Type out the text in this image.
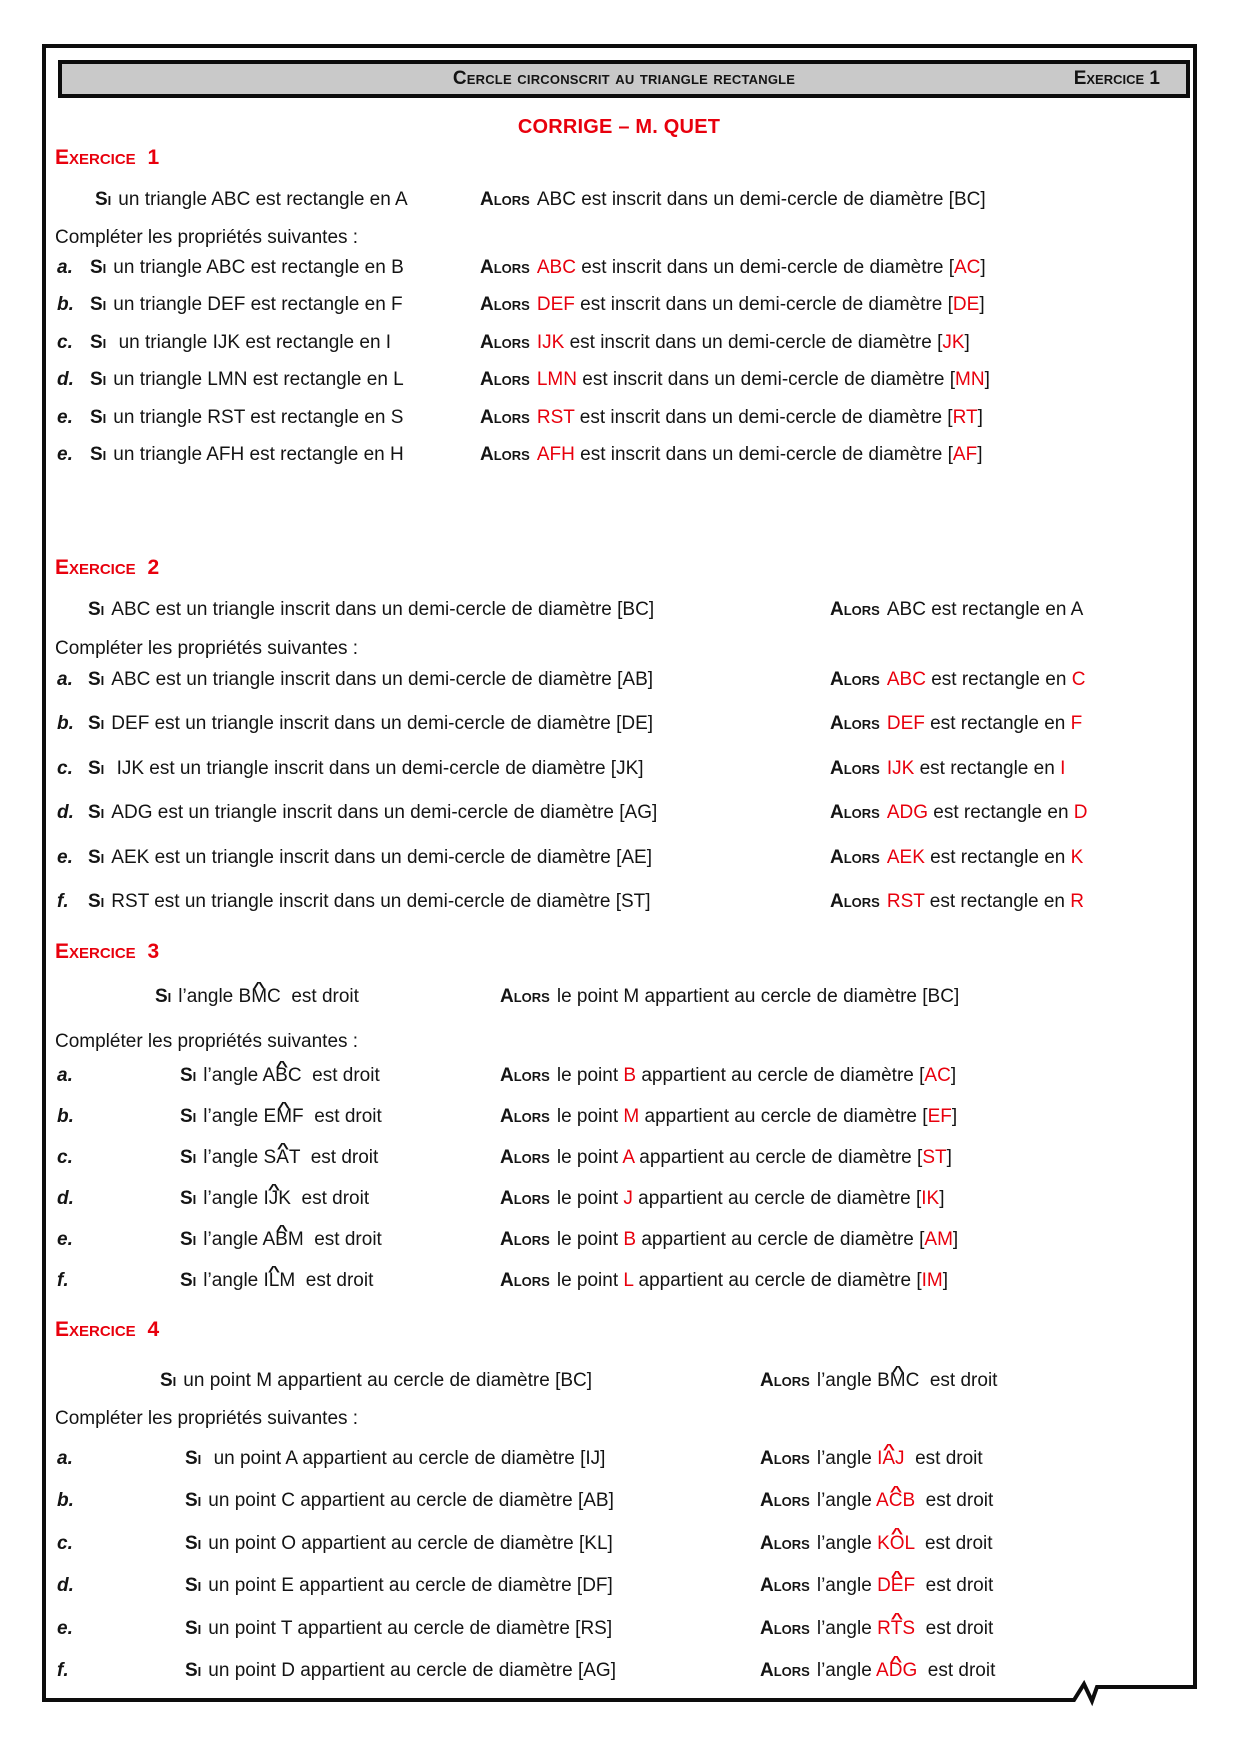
Cercle circonscrit au triangle rectangle	Exercice 1
CORRIGE – M. QUET
Exercice 1
Si un triangle ABC est rectangle en A	Alors ABC est inscrit dans un demi-cercle de diamètre [BC]

Compléter les propriétés suivantes :

a. Si un triangle ABC est rectangle en B	Alors ABC est inscrit dans un demi-cercle de diamètre [AC]
b. Si un triangle DEF est rectangle en F	Alors DEF est inscrit dans un demi-cercle de diamètre [DE]
c. Si un triangle IJK est rectangle en I	Alors IJK est inscrit dans un demi-cercle de diamètre [JK]
d. Si un triangle LMN est rectangle en L	Alors LMN est inscrit dans un demi-cercle de diamètre [MN]
e. Si un triangle RST est rectangle en S	Alors RST est inscrit dans un demi-cercle de diamètre [RT]
e. Si un triangle AFH est rectangle en H	Alors AFH est inscrit dans un demi-cercle de diamètre [AF]
Exercice 2
Si ABC est un triangle inscrit dans un demi-cercle de diamètre [BC]	Alors ABC est rectangle en A

Compléter les propriétés suivantes :

a. Si ABC est un triangle inscrit dans un demi-cercle de diamètre [AB]	Alors ABC est rectangle en C
b. Si DEF est un triangle inscrit dans un demi-cercle de diamètre [DE]	Alors DEF est rectangle en F
c. Si IJK est un triangle inscrit dans un demi-cercle de diamètre [JK]	Alors IJK est rectangle en I
d. Si ADG est un triangle inscrit dans un demi-cercle de diamètre [AG]	Alors ADG est rectangle en D
e. Si AEK est un triangle inscrit dans un demi-cercle de diamètre [AE]	Alors AEK est rectangle en K
f. Si RST est un triangle inscrit dans un demi-cercle de diamètre [ST]	Alors RST est rectangle en R
Exercice 3
Si l’angle BM ^C  est droit	Alors le point M appartient au cercle de diamètre [BC]

Compléter les propriétés suivantes :

a.	Si l’angle AB ^C  est droit	Alors le point B appartient au cercle de diamètre [AC]
b.	Si l’angle EM ^F  est droit	Alors le point M appartient au cercle de diamètre [EF]
c.	Si l’angle SA ^T  est droit	Alors le point A appartient au cercle de diamètre [ST]
d.	Si l’angle IJ ^K  est droit	Alors le point J appartient au cercle de diamètre [IK]
e.	Si l’angle AB ^M  est droit	Alors le point B appartient au cercle de diamètre [AM]
f.	Si l’angle IL ^M  est droit	Alors le point L appartient au cercle de diamètre [IM]
Exercice 4
Si un point M appartient au cercle de diamètre [BC]	Alors l’angle BM ^C  est droit

Compléter les propriétés suivantes :

a.	Si un point A appartient au cercle de diamètre [IJ]	Alors l’angle IA ^J  est droit
b.	Si un point C appartient au cercle de diamètre [AB]	Alors l’angle AC ^B  est droit
c.	Si un point O appartient au cercle de diamètre [KL]	Alors l’angle KO ^L  est droit
d.	Si un point E appartient au cercle de diamètre [DF]	Alors l’angle DE ^F  est droit
e.	Si un point T appartient au cercle de diamètre [RS]	Alors l’angle RT ^S  est droit
f.	Si un point D appartient au cercle de diamètre [AG]	Alors l’angle AD ^G  est droit
